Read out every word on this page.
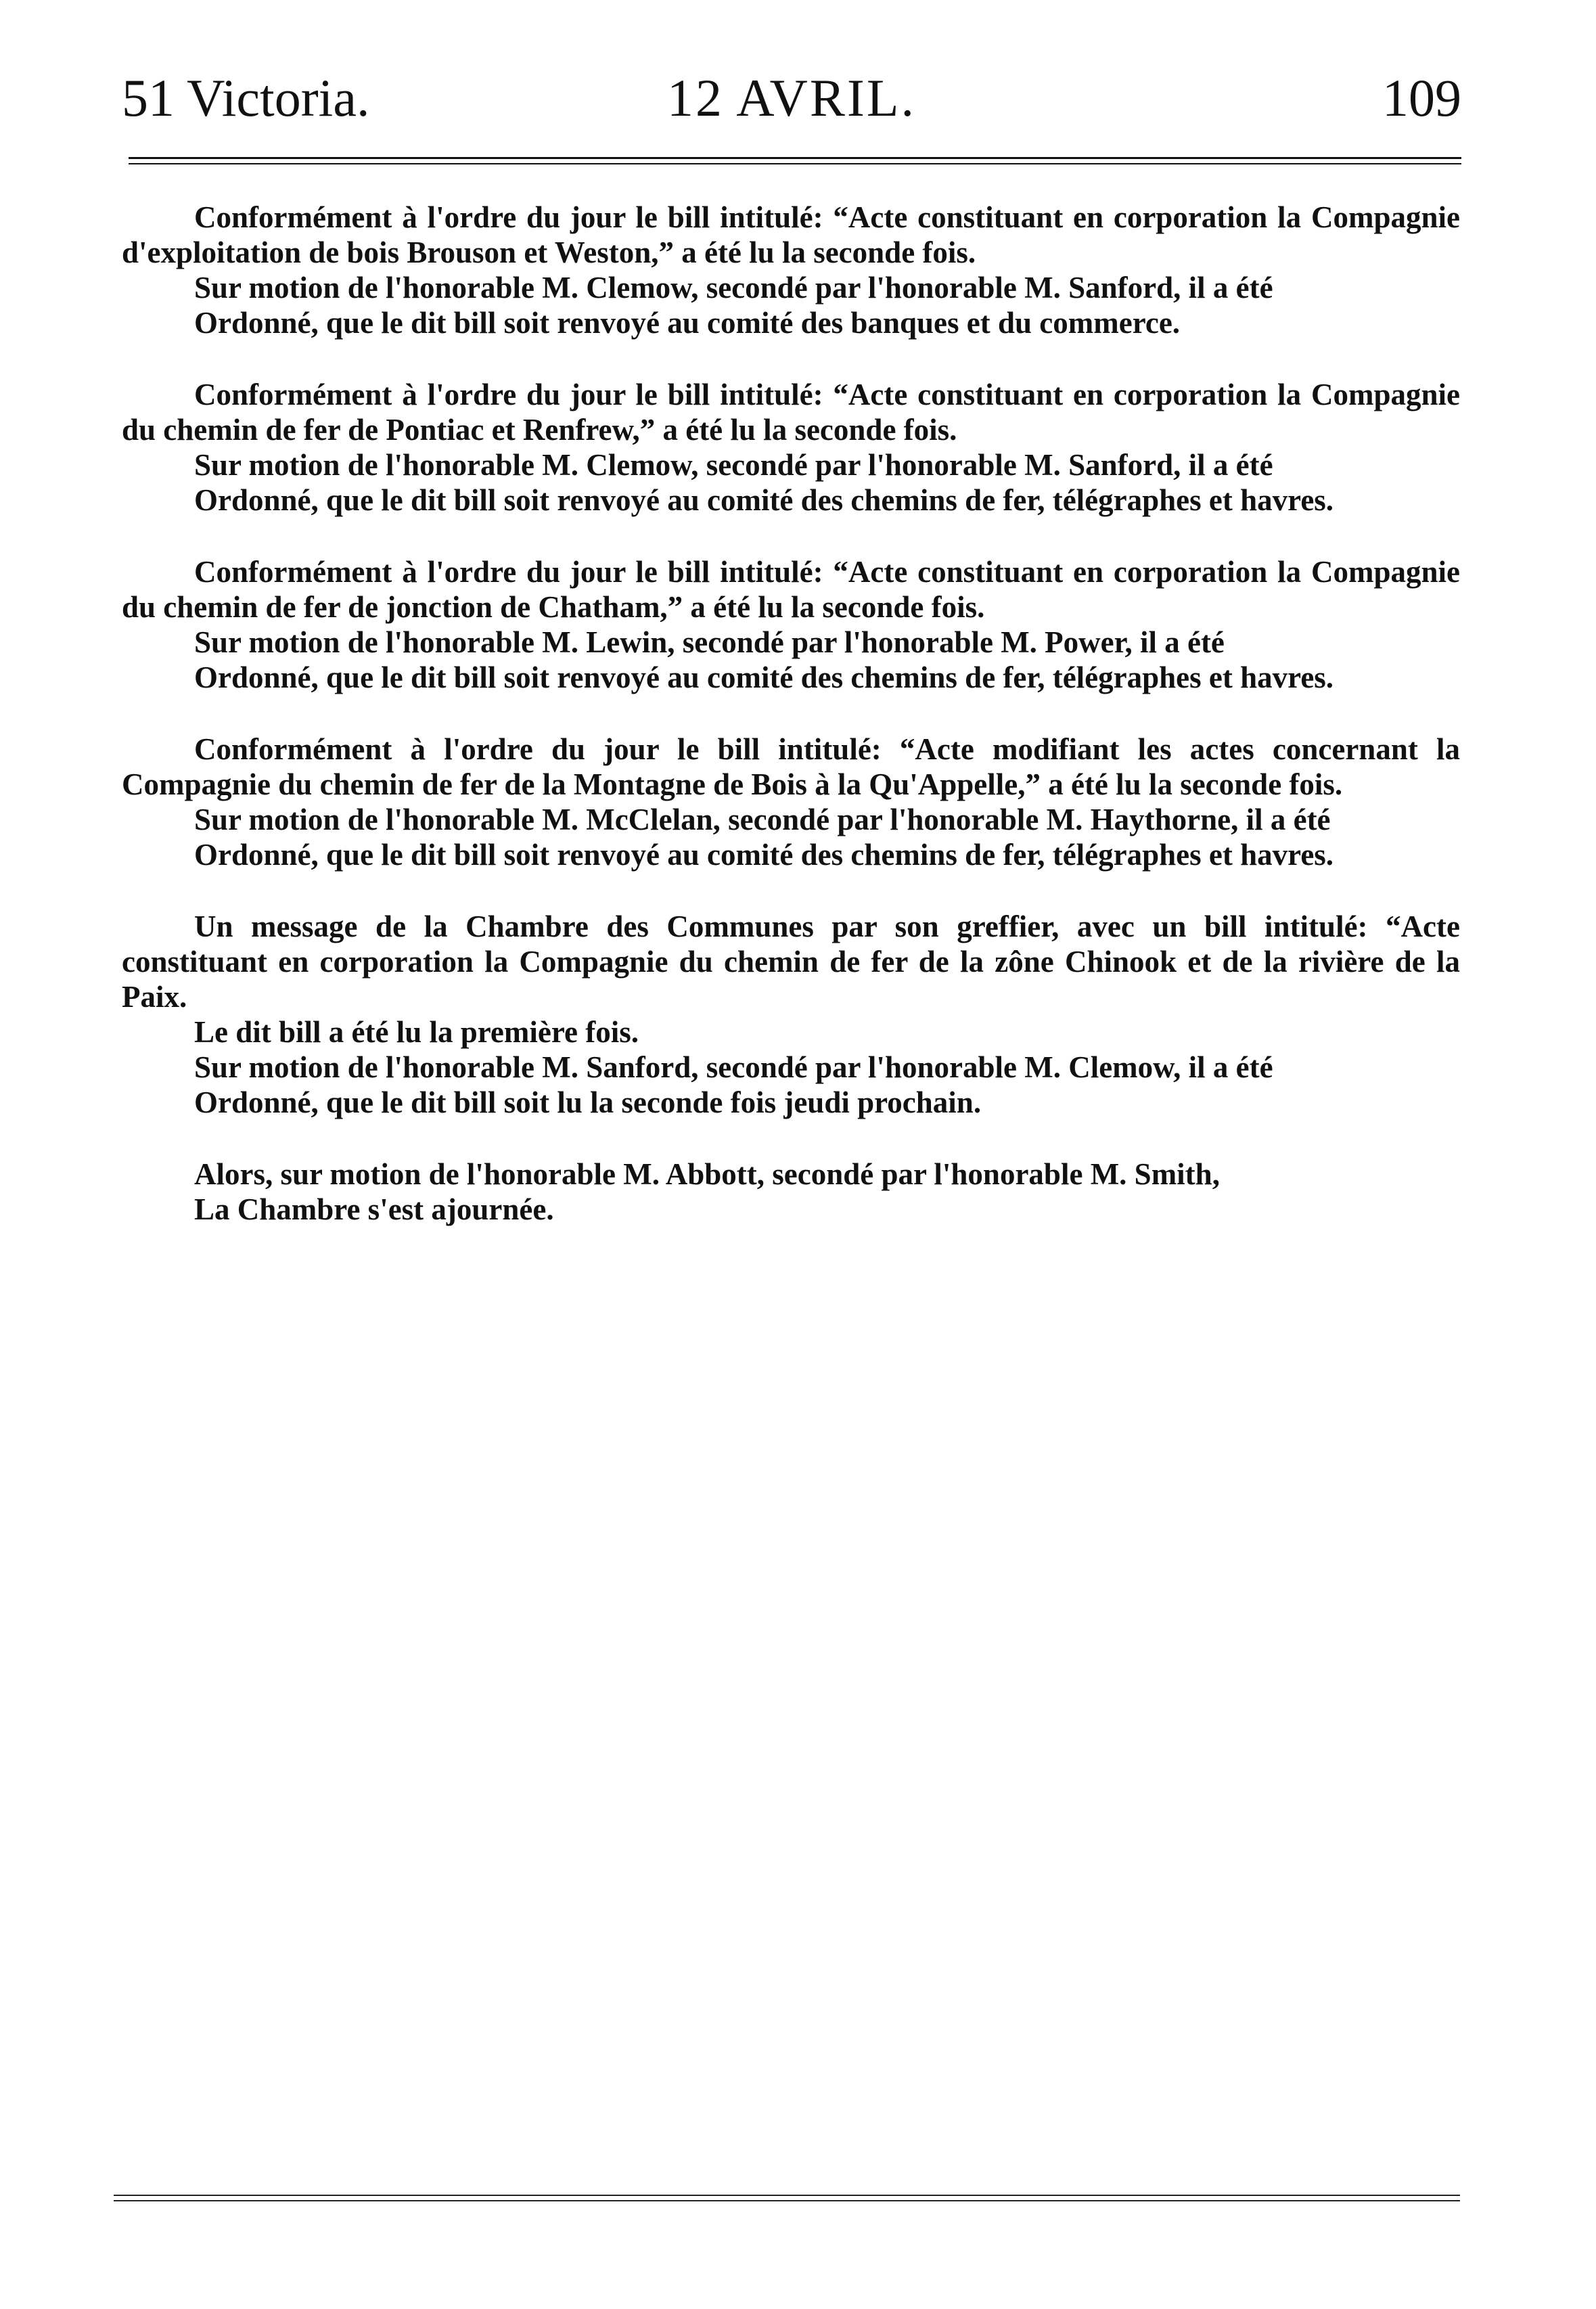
51 Victoria.	12 AVRIL.	109

Conformément à l'ordre du jour le bill intitulé: “Acte constituant en corporation la Compagnie d'exploitation de bois Brouson et Weston,” a été lu la seconde fois.

Sur motion de l'honorable M. Clemow, secondé par l'honorable M. Sanford, il a été

Ordonné, que le dit bill soit renvoyé au comité des banques et du commerce.

Conformément à l'ordre du jour le bill intitulé: “Acte constituant en corporation la Compagnie du chemin de fer de Pontiac et Renfrew,” a été lu la seconde fois.

Sur motion de l'honorable M. Clemow, secondé par l'honorable M. Sanford, il a été

Ordonné, que le dit bill soit renvoyé au comité des chemins de fer, télégraphes et havres.

Conformément à l'ordre du jour le bill intitulé: “Acte constituant en corporation la Compagnie du chemin de fer de jonction de Chatham,” a été lu la seconde fois.

Sur motion de l'honorable M. Lewin, secondé par l'honorable M. Power, il a été

Ordonné, que le dit bill soit renvoyé au comité des chemins de fer, télégraphes et havres.

Conformément à l'ordre du jour le bill intitulé: “Acte modifiant les actes concernant la Compagnie du chemin de fer de la Montagne de Bois à la Qu'Appelle,” a été lu la seconde fois.

Sur motion de l'honorable M. McClelan, secondé par l'honorable M. Haythorne, il a été

Ordonné, que le dit bill soit renvoyé au comité des chemins de fer, télégraphes et havres.

Un message de la Chambre des Communes par son greffier, avec un bill intitulé: “Acte constituant en corporation la Compagnie du chemin de fer de la zône Chinook et de la rivière de la Paix.

Le dit bill a été lu la première fois.

Sur motion de l'honorable M. Sanford, secondé par l'honorable M. Clemow, il a été

Ordonné, que le dit bill soit lu la seconde fois jeudi prochain.

Alors, sur motion de l'honorable M. Abbott, secondé par l'honorable M. Smith,

La Chambre s'est ajournée.
